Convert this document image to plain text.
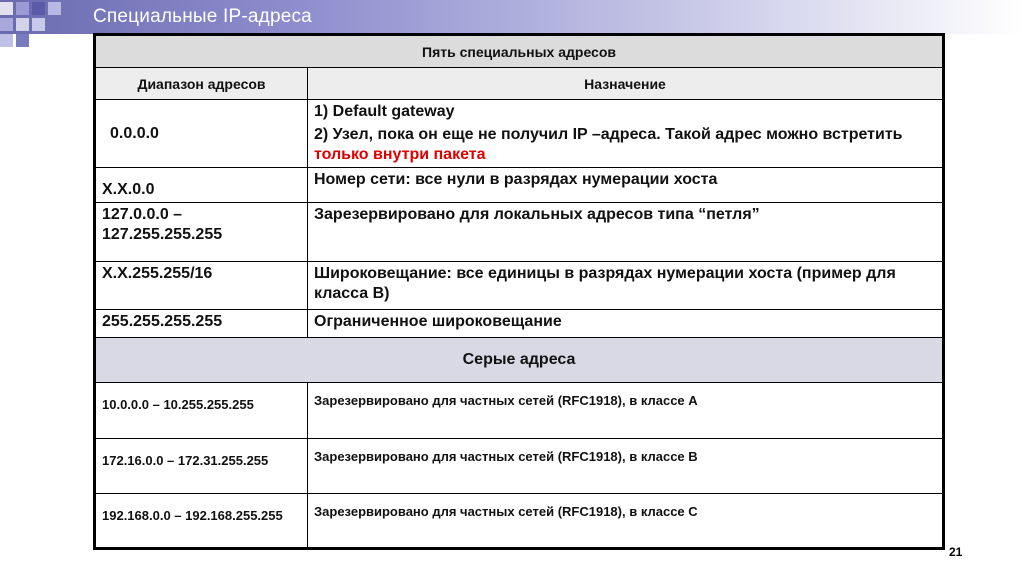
Специальные IP-адреса
Пять специальных адресов	
Диапазон адресов	Назначение
0.0.0.0	1) Default gateway
2) Узел, пока он еще не получил IP –адреса. Такой адрес можно встретить только внутри пакета

X.X.0.0	Номер сети: все нули в разрядах нумерации хоста
127.0.0.0 – 127.255.255.255	Зарезервировано для локальных адресов типа “петля”
X.X.255.255/16	Широковещание: все единицы в разрядах нумерации хоста (пример для класса В)
255.255.255.255	Ограниченное широковещание
Серые адреса	
10.0.0.0 – 10.255.255.255	Зарезервировано для частных сетей (RFC1918), в классе А
172.16.0.0 – 172.31.255.255	Зарезервировано для частных сетей (RFC1918), в классе В
192.168.0.0 – 192.168.255.255	Зарезервировано для частных сетей (RFC1918), в классе С
21
